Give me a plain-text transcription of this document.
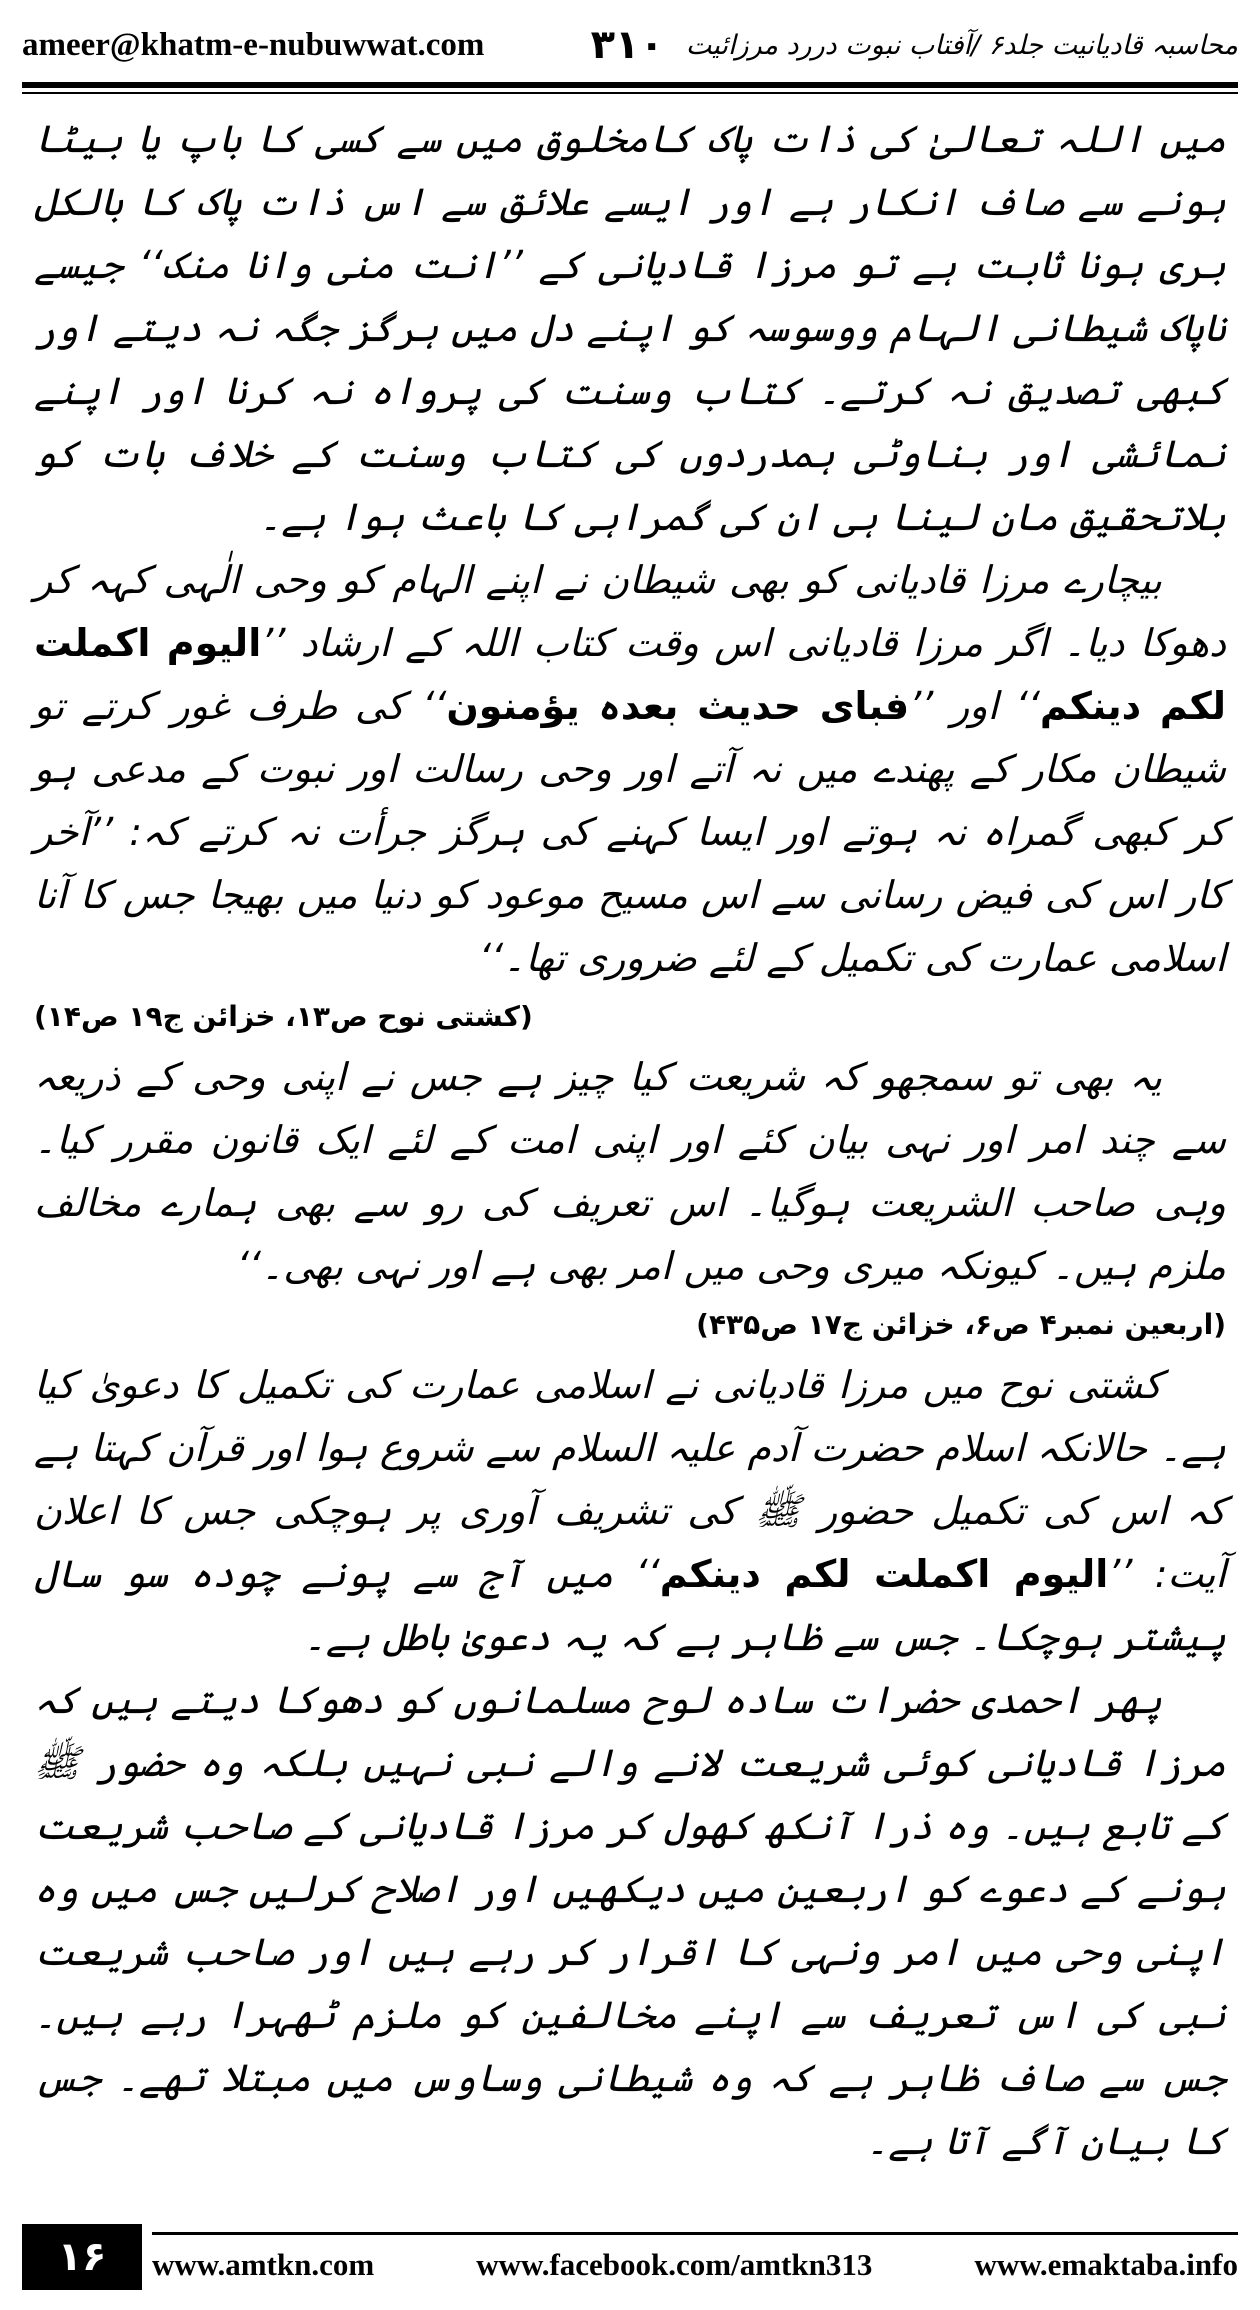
ameer@khatm-e-nubuwwat.com	محاسبہ قادیانیت جلد۶ /آفتاب نبوت دررد مرزائیت
۳۱۰

میں اللہ تعالیٰ کی ذات پاک کامخلوق میں سے کسی کا باپ یا بیٹا ہونے سے صاف انکار ہے اور ایسے علائق سے اس ذات پاک کا بالکل بری ہونا ثابت ہے تو مرزا قادیانی کے ’’انت منی وانا منک‘‘ جیسے ناپاک شیطانی الہام ووسوسہ کو اپنے دل میں ہرگز جگہ نہ دیتے اور کبھی تصدیق نہ کرتے۔ کتاب وسنت کی پرواہ نہ کرنا اور اپنے نمائشی اور بناوٹی ہمدردوں کی کتاب وسنت کے خلاف بات کو بلاتحقیق مان لینا ہی ان کی گمراہی کا باعث ہوا ہے۔

بیچارے مرزا قادیانی کو بھی شیطان نے اپنے الہام کو وحی الٰہی کہہ کر دھوکا دیا۔ اگر مرزا قادیانی اس وقت کتاب اللہ کے ارشاد ’’الیوم اکملت لکم دینکم‘‘ اور ’’فبای حدیث بعدہ یؤمنون‘‘ کی طرف غور کرتے تو شیطان مکار کے پھندے میں نہ آتے اور وحی رسالت اور نبوت کے مدعی ہو کر کبھی گمراہ نہ ہوتے اور ایسا کہنے کی ہرگز جرأت نہ کرتے کہ: ’’آخر کار اس کی فیض رسانی سے اس مسیح موعود کو دنیا میں بھیجا جس کا آنا اسلامی عمارت کی تکمیل کے لئے ضروری تھا۔‘‘

(کشتی نوح ص۱۳، خزائن ج۱۹ ص۱۴)

یہ بھی تو سمجھو کہ شریعت کیا چیز ہے جس نے اپنی وحی کے ذریعہ سے چند امر اور نہی بیان کئے اور اپنی امت کے لئے ایک قانون مقرر کیا۔ وہی صاحب الشریعت ہوگیا۔ اس تعریف کی رو سے بھی ہمارے مخالف ملزم ہیں۔ کیونکہ میری وحی میں امر بھی ہے اور نہی بھی۔‘‘

(اربعین نمبر۴ ص۶، خزائن ج۱۷ ص۴۳۵)

کشتی نوح میں مرزا قادیانی نے اسلامی عمارت کی تکمیل کا دعویٰ کیا ہے۔ حالانکہ اسلام حضرت آدم علیہ السلام سے شروع ہوا اور قرآن کہتا ہے کہ اس کی تکمیل حضور ﷺ کی تشریف آوری پر ہوچکی جس کا اعلان آیت: ’’الیوم اکملت لکم دینکم‘‘ میں آج سے پونے چودہ سو سال پیشتر ہوچکا۔ جس سے ظاہر ہے کہ یہ دعویٰ باطل ہے۔

پھر احمدی حضرات سادہ لوح مسلمانوں کو دھوکا دیتے ہیں کہ مرزا قادیانی کوئی شریعت لانے والے نبی نہیں بلکہ وہ حضور ﷺ کے تابع ہیں۔ وہ ذرا آنکھ کھول کر مرزا قادیانی کے صاحب شریعت ہونے کے دعوے کو اربعین میں دیکھیں اور اصلاح کرلیں جس میں وہ اپنی وحی میں امر ونہی کا اقرار کر رہے ہیں اور صاحب شریعت نبی کی اس تعریف سے اپنے مخالفین کو ملزم ٹھہرا رہے ہیں۔ جس سے صاف ظاہر ہے کہ وہ شیطانی وساوس میں مبتلا تھے۔ جس کا بیان آگے آتا ہے۔

۱۶	www.amtkn.com	www.facebook.com/amtkn313	www.emaktaba.info
